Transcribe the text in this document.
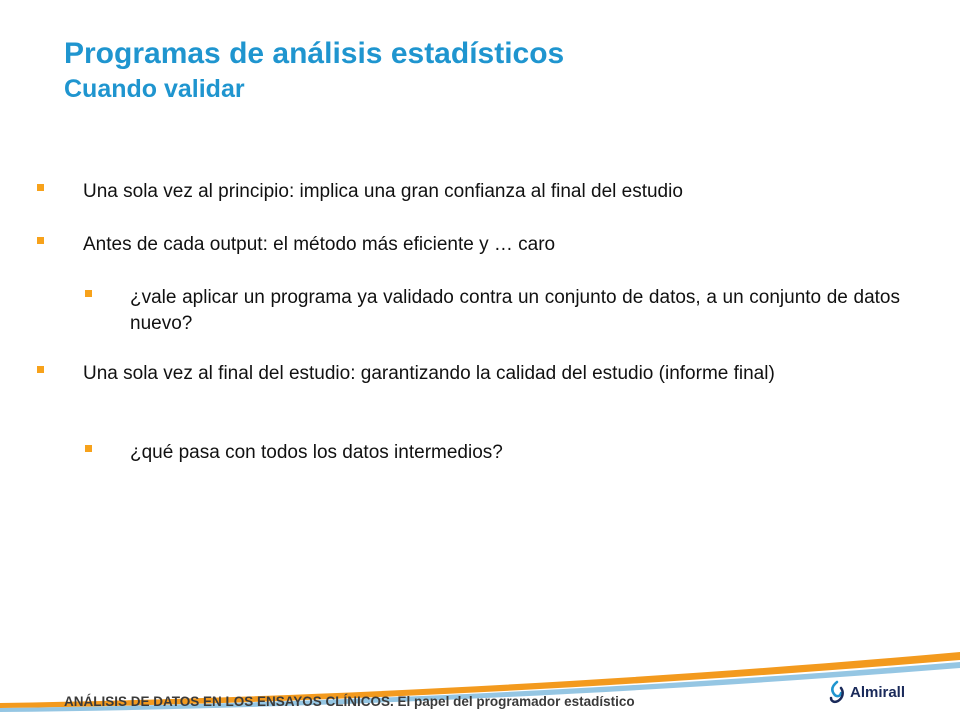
Programas de análisis estadísticos
Cuando validar
Una sola vez al principio: implica una gran confianza al final del estudio
Antes de cada output: el método más eficiente y … caro
¿vale aplicar un programa ya validado contra un conjunto de datos, a un conjunto de datos nuevo?
Una sola vez al final del estudio: garantizando la calidad del estudio (informe final)
¿qué pasa con todos los datos intermedios?
ANÁLISIS DE DATOS EN LOS ENSAYOS CLÍNICOS. El papel del programador estadístico
Almirall
